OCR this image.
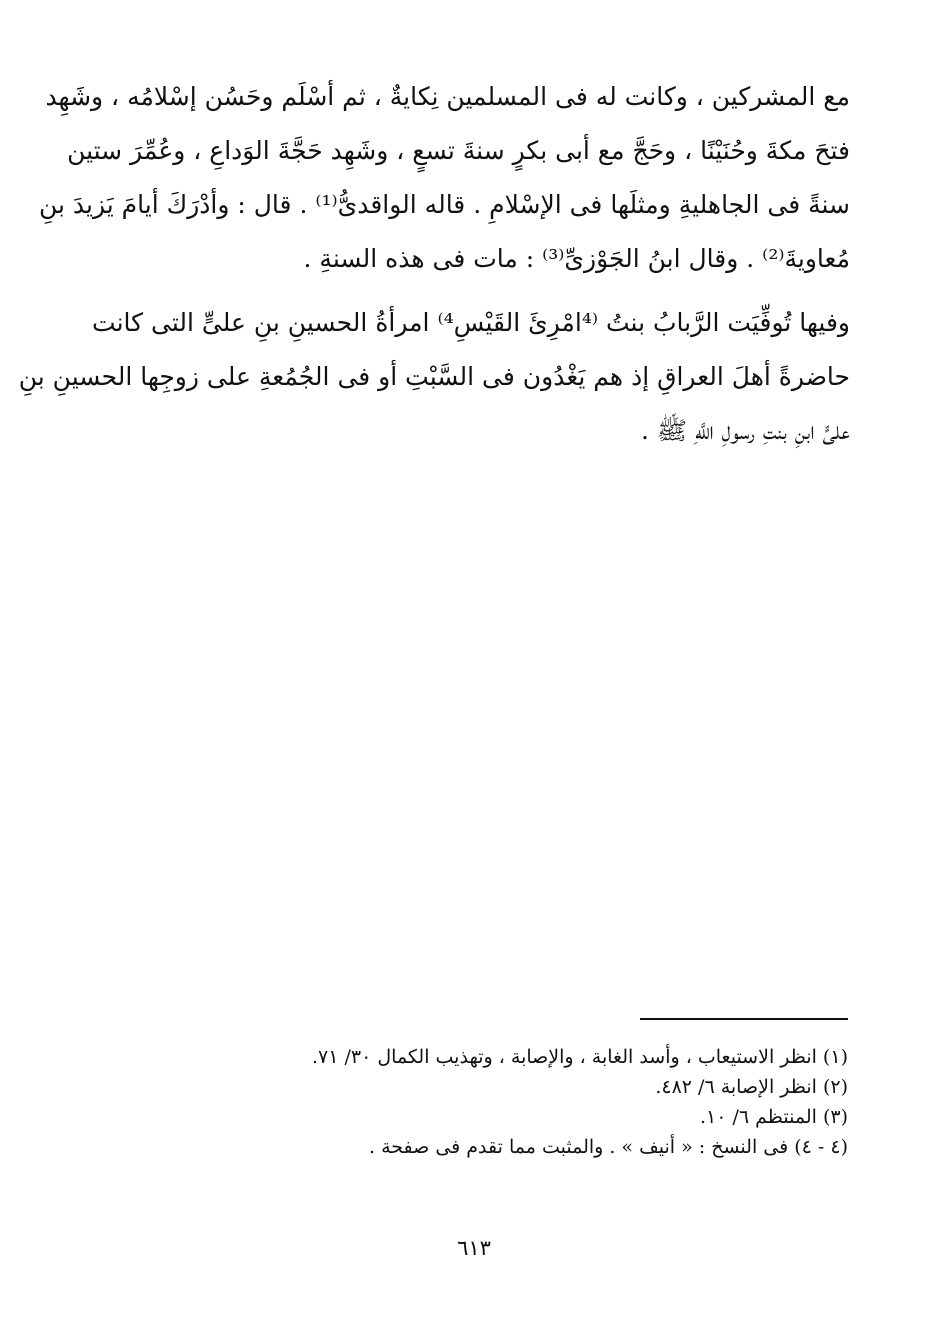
مع المشركين ، وكانت له فى المسلمين نِكايةٌ ، ثم أسْلَم وحَسُن إسْلامُه ، وشَهِد
فتحَ مكةَ وحُنَيْنًا ، وحَجَّ مع أبى بكرٍ سنةَ تسعٍ ، وشَهِد حَجَّةَ الوَداعِ ، وعُمِّرَ ستين
سنةً فى الجاهليةِ ومثلَها فى الإسْلامِ . قاله الواقدىُّ⁽¹⁾ . قال : وأدْرَكَ أيامَ يَزيدَ بنِ
مُعاويةَ⁽²⁾ . وقال ابنُ الجَوْزىِّ⁽³⁾ : مات فى هذه السنةِ .
وفيها تُوفِّيَت الرَّبابُ بنتُ ⁽⁴امْرِئَ القَيْسِ⁴⁾ امرأةُ الحسينِ بنِ علىٍّ التى كانت
حاضرةً أهلَ العراقِ إذ هم يَغْدُون فى السَّبْتِ أو فى الجُمُعةِ على زوجِها الحسينِ بنِ
علىٍّ ابنِ بنتِ رسولِ اللَّهِ ﷺ .
(١) انظر الاستيعاب ، وأسد الغابة ، والإصابة ، وتهذيب الكمال ٣٠/ ٧١.
(٢) انظر الإصابة ٦/ ٤٨٢.
(٣) المنتظم ٦/ ١٠.
(٤ - ٤) فى النسخ : « أنيف » . والمثبت مما تقدم فى صفحة .
٦١٣
